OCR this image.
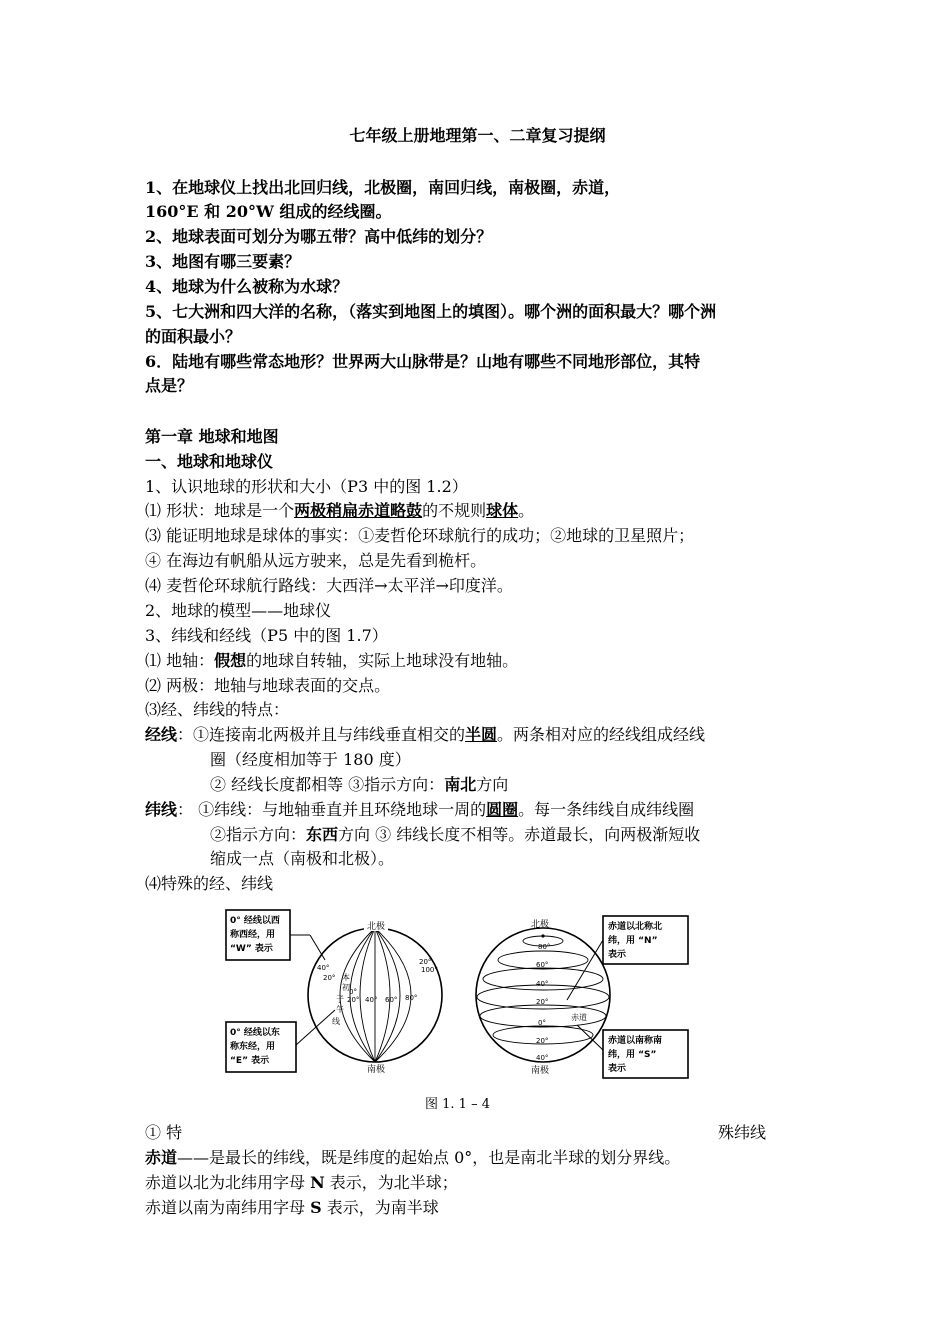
七年级上册地理第一、二章复习提纲
1、在地球仪上找出北回归线，北极圈，南回归线，南极圈，赤道，
160°E 和 20°W 组成的经线圈。
2、地球表面可划分为哪五带？高中低纬的划分？
3、地图有哪三要素？
4、地球为什么被称为水球？
5、七大洲和四大洋的名称，（落实到地图上的填图）。哪个洲的面积最大？哪个洲
的面积最小？
6．陆地有哪些常态地形？世界两大山脉带是？山地有哪些不同地形部位，其特
点是？
第一章 地球和地图
一、地球和地球仪
1、认识地球的形状和大小（P3 中的图 1.2）
⑴ 形状：地球是一个两极稍扁赤道略鼓的不规则球体。
⑶ 能证明地球是球体的事实：①麦哲伦环球航行的成功；②地球的卫星照片；
④ 在海边有帆船从远方驶来，总是先看到桅杆。
⑷ 麦哲伦环球航行路线：大西洋→太平洋→印度洋。
2、地球的模型——地球仪
3、纬线和经线（P5 中的图 1.7）
⑴ 地轴：假想的地球自转轴，实际上地球没有地轴。
⑵ 两极：地轴与地球表面的交点。
⑶经、纬线的特点：
经线：①连接南北两极并且与纬线垂直相交的半圆。两条相对应的经线组成经线
圈（经度相加等于 180 度）
② 经线长度都相等 ③指示方向：南北方向
纬线： ①纬线：与地轴垂直并且环绕地球一周的圆圈。每一条纬线自成纬线圈
②指示方向：东西方向 ③ 纬线长度不相等。赤道最长，向两极渐短收
缩成一点（南极和北极）。
⑷特殊的经、纬线
① 特	殊纬线
赤道——是最长的纬线，既是纬度的起始点 0°，也是南北半球的划分界线。
赤道以北为北纬用字母 N 表示，为北半球；
赤道以南为南纬用字母 S 表示，为南半球
北极
南极
40°
20°
0°
20° 40° 60° 80°
100°
20°
本
初
子
午
线
0° 经线以西
称西经，用
“W” 表示
0° 经线以东
称东经，用
“E” 表示
北极
南极
80°
60°
40°
20°
0°
20°
40°
赤道
赤道以北称北
纬，用 “N”
表示
赤道以南称南
纬，用 “S”
表示
图 1. 1 – 4
